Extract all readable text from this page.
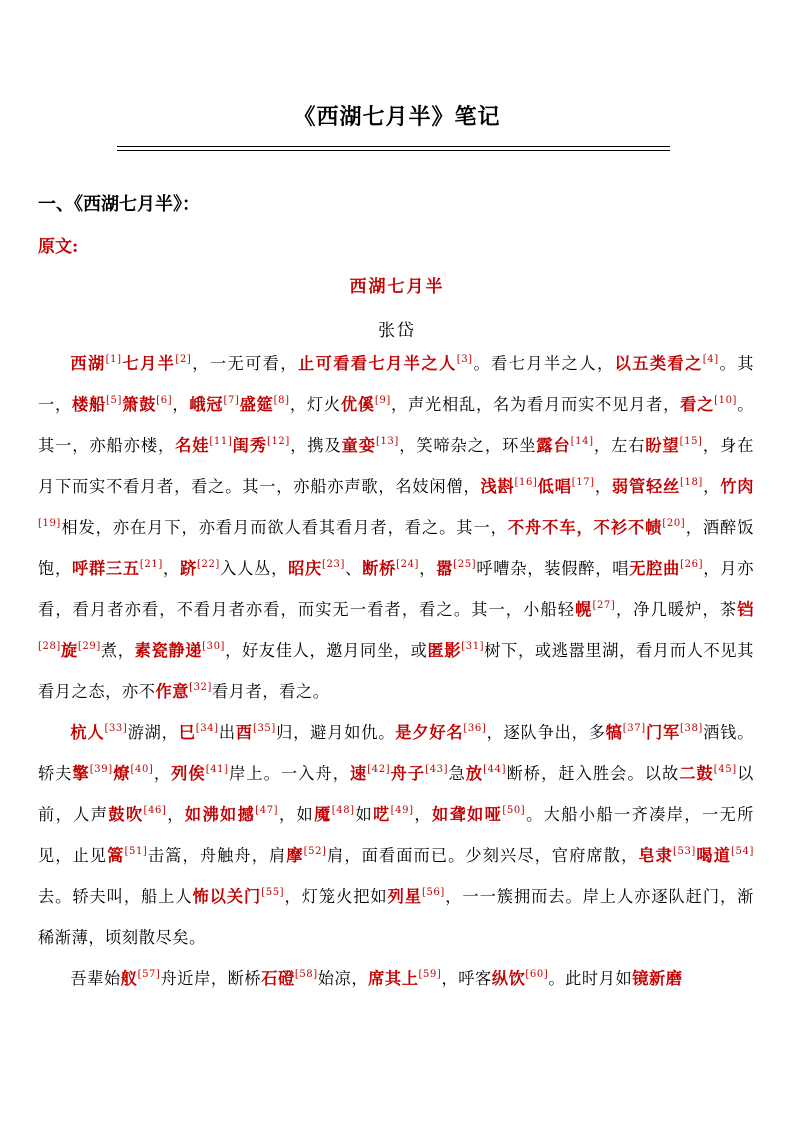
《西湖七月半》笔记
一、《西湖七月半》：
原文:
西湖七月半
张岱

西湖[1]七月半[2]，一无可看，止可看看七月半之人[3]。看七月半之人，以五类看之[4]。其一，楼船[5]箫鼓[6]，峨冠[7]盛筵[8]，灯火优傒[9]，声光相乱，名为看月而实不见月者，看之[10]。其一，亦船亦楼，名娃[11]闺秀[12]，携及童娈[13]，笑啼杂之，环坐露台[14]，左右盼望[15]，身在月下而实不看月者，看之。其一，亦船亦声歌，名妓闲僧，浅斟[16]低唱[17]，弱管轻丝[18]，竹肉[19]相发，亦在月下，亦看月而欲人看其看月者，看之。其一，不舟不车，不衫不帻[20]，酒醉饭饱，呼群三五[21]，跻[22]入人丛，昭庆[23]、断桥[24]，嚣[25]呼嘈杂，装假醉，唱无腔曲[26]，月亦看，看月者亦看，不看月者亦看，而实无一看者，看之。其一，小船轻幌[27]，净几暖炉，茶铛[28]旋[29]煮，素瓷静递[30]，好友佳人，邀月同坐，或匿影[31]树下，或逃嚣里湖，看月而人不见其看月之态，亦不作意[32]看月者，看之。

杭人[33]游湖，巳[34]出酉[35]归，避月如仇。是夕好名[36]，逐队争出，多犒[37]门军[38]酒钱。轿夫擎[39]燎[40]，列俟[41]岸上。一入舟，速[42]舟子[43]急放[44]断桥，赶入胜会。以故二鼓[45]以前，人声鼓吹[46]，如沸如撼[47]，如魇[48]如呓[49]，如聋如哑[50]。大船小船一齐凑岸，一无所见，止见篙[51]击篙，舟触舟，肩摩[52]肩，面看面而已。少刻兴尽，官府席散，皂隶[53]喝道[54]去。轿夫叫，船上人怖以关门[55]，灯笼火把如列星[56]，一一簇拥而去。岸上人亦逐队赶门，渐稀渐薄，顷刻散尽矣。

吾辈始舣[57]舟近岸，断桥石磴[58]始凉，席其上[59]，呼客纵饮[60]。此时月如镜新磨
